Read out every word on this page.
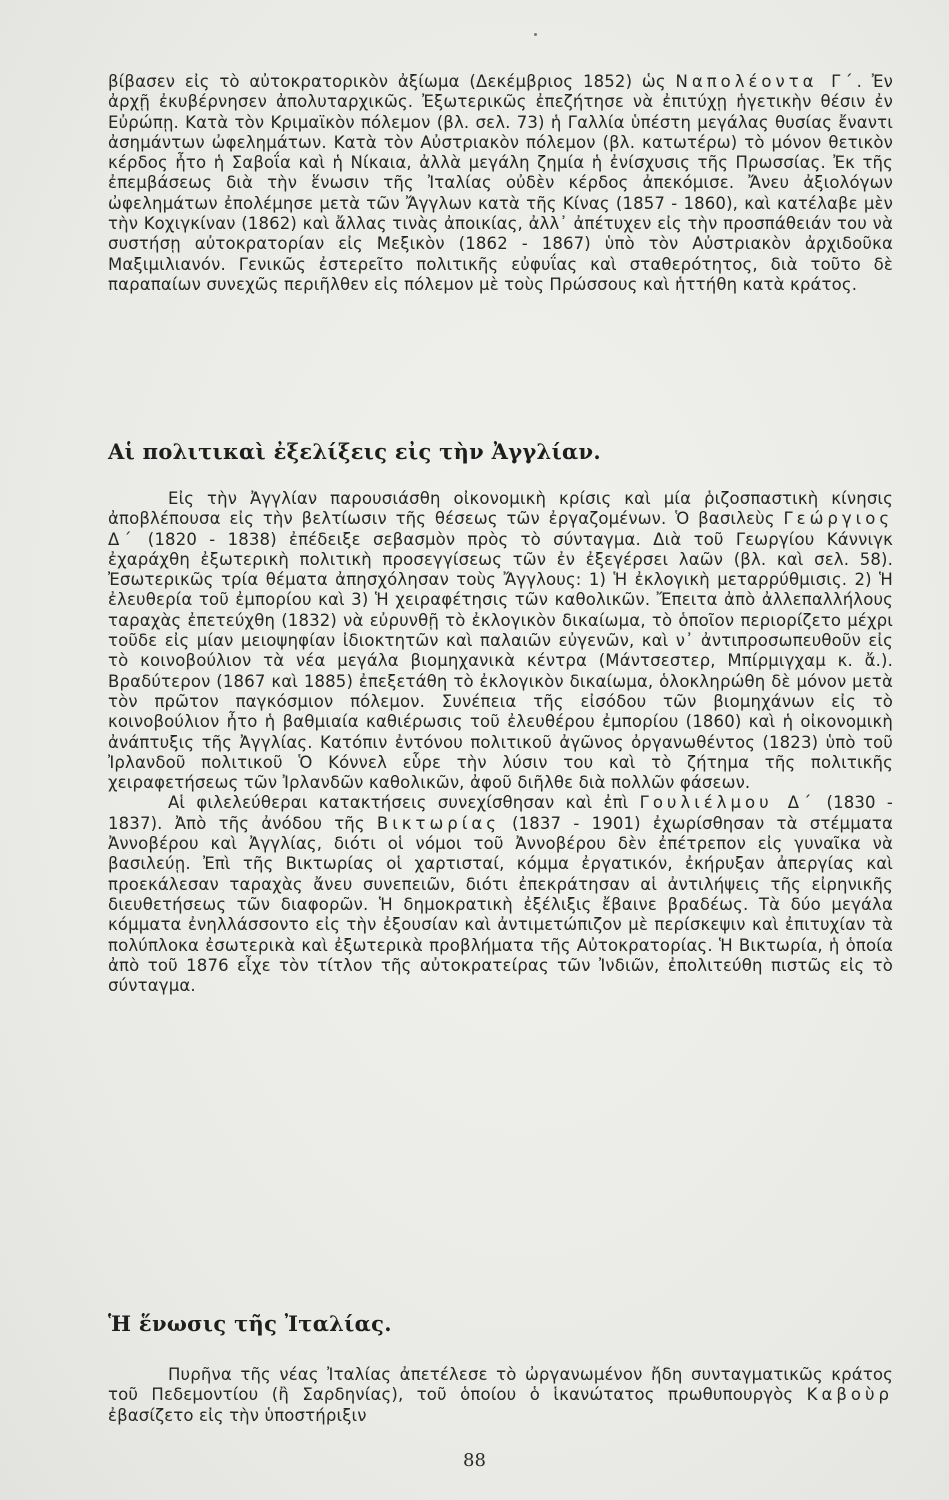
βίβασεν εἰς τὸ αὐτοκρατορικὸν ἀξίωμα (Δεκέμβριος 1852) ὡς Ναπολέοντα Γ΄. Ἐν ἀρχῇ ἐκυβέρνησεν ἀπολυταρχικῶς. Ἐξωτερικῶς ἐπεζήτησε νὰ ἐπιτύχῃ ἡγετικὴν θέσιν ἐν Εὐρώπῃ. Κατὰ τὸν Κριμαϊκὸν πόλεμον (βλ. σελ. 73) ἡ Γαλλία ὑπέστη μεγάλας θυσίας ἔναντι ἀσημάντων ὠφελημάτων. Κατὰ τὸν Αὐστριακὸν πόλεμον (βλ. κατωτέρω) τὸ μόνον θετικὸν κέρδος ἦτο ἡ Σαβοΐα καὶ ἡ Νίκαια, ἀλλὰ μεγάλη ζημία ἡ ἐνίσχυσις τῆς Πρωσσίας. Ἐκ τῆς ἐπεμβάσεως διὰ τὴν ἕνωσιν τῆς Ἰταλίας οὐδὲν κέρδος ἀπεκόμισε. Ἄνευ ἀξιολόγων ὠφελημάτων ἐπολέμησε μετὰ τῶν Ἄγγλων κατὰ τῆς Κίνας (1857 - 1860), καὶ κατέλαβε μὲν τὴν Κοχιγκίναν (1862) καὶ ἄλλας τινὰς ἀποικίας, ἀλλ᾽ ἀπέτυχεν εἰς τὴν προσπάθειάν του νὰ συστήσῃ αὐτοκρατορίαν εἰς Μεξικὸν (1862 - 1867) ὑπὸ τὸν Αὐστριακὸν ἀρχιδοῦκα Μαξιμιλιανόν. Γενικῶς ἐστερεῖτο πολιτικῆς εὐφυΐας καὶ σταθερότητος, διὰ τοῦτο δὲ παραπαίων συνεχῶς περιῆλθεν εἰς πόλεμον μὲ τοὺς Πρώσσους καὶ ἡττήθη κατὰ κράτος.

Αἱ πολιτικαὶ ἐξελίξεις εἰς τὴν Ἀγγλίαν.

Εἰς τὴν Ἀγγλίαν παρουσιάσθη οἰκονομικὴ κρίσις καὶ μία ῥιζοσπαστικὴ κίνησις ἀποβλέπουσα εἰς τὴν βελτίωσιν τῆς θέσεως τῶν ἐργαζομένων. Ὁ βασιλεὺς Γεώργιος Δ΄ (1820 - 1838) ἐπέδειξε σεβασμὸν πρὸς τὸ σύνταγμα. Διὰ τοῦ Γεωργίου Κάννιγκ ἐχαράχθη ἐξωτερικὴ πολιτικὴ προσεγγίσεως τῶν ἐν ἐξεγέρσει λαῶν (βλ. καὶ σελ. 58). Ἐσωτερικῶς τρία θέματα ἀπησχόλησαν τοὺς Ἄγγλους: 1) Ἡ ἐκλογικὴ μεταρρύθμισις. 2) Ἡ ἐλευθερία τοῦ ἐμπορίου καὶ 3) Ἡ χειραφέτησις τῶν καθολικῶν. Ἔπειτα ἀπὸ ἀλλεπαλλήλους ταραχὰς ἐπετεύχθη (1832) νὰ εὐρυνθῇ τὸ ἐκλογικὸν δικαίωμα, τὸ ὁποῖον περιορίζετο μέχρι τοῦδε εἰς μίαν μειοψηφίαν ἰδιοκτητῶν καὶ παλαιῶν εὐγενῶν, καὶ ν᾽ ἀντιπροσωπευθοῦν εἰς τὸ κοινοβούλιον τὰ νέα μεγάλα βιομηχανικὰ κέντρα (Μάντσεστερ, Μπίρμιγχαμ κ. ἄ.). Βραδύτερον (1867 καὶ 1885) ἐπεξετάθη τὸ ἐκλογικὸν δικαίωμα, ὁλοκληρώθη δὲ μόνον μετὰ τὸν πρῶτον παγκόσμιον πόλεμον. Συνέπεια τῆς εἰσόδου τῶν βιομηχάνων εἰς τὸ κοινοβούλιον ἦτο ἡ βαθμιαία καθιέρωσις τοῦ ἐλευθέρου ἐμπορίου (1860) καὶ ἡ οἰκονομικὴ ἀνάπτυξις τῆς Ἀγγλίας. Κατόπιν ἐντόνου πολιτικοῦ ἀγῶνος ὀργανωθέντος (1823) ὑπὸ τοῦ Ἰρλανδοῦ πολιτικοῦ Ὁ Κόννελ εὗρε τὴν λύσιν του καὶ τὸ ζήτημα τῆς πολιτικῆς χειραφετήσεως τῶν Ἰρλανδῶν καθολικῶν, ἀφοῦ διῆλθε διὰ πολλῶν φάσεων.

Αἱ φιλελεύθεραι κατακτήσεις συνεχίσθησαν καὶ ἐπὶ Γουλιέλμου Δ΄ (1830 - 1837). Ἀπὸ τῆς ἀνόδου τῆς Βικτωρίας (1837 - 1901) ἐχωρίσθησαν τὰ στέμματα Ἀννοβέρου καὶ Ἀγγλίας, διότι οἱ νόμοι τοῦ Ἀννοβέρου δὲν ἐπέτρεπον εἰς γυναῖκα νὰ βασιλεύῃ. Ἐπὶ τῆς Βικτωρίας οἱ χαρτισταί, κόμμα ἐργατικόν, ἐκήρυξαν ἀπεργίας καὶ προεκάλεσαν ταραχὰς ἄνευ συνεπειῶν, διότι ἐπεκράτησαν αἱ ἀντιλήψεις τῆς εἰρηνικῆς διευθετήσεως τῶν διαφορῶν. Ἡ δημοκρατικὴ ἐξέλιξις ἔβαινε βραδέως. Τὰ δύο μεγάλα κόμματα ἐνηλλάσσοντο εἰς τὴν ἐξουσίαν καὶ ἀντιμετώπιζον μὲ περίσκεψιν καὶ ἐπιτυχίαν τὰ πολύπλοκα ἐσωτερικὰ καὶ ἐξωτερικὰ προβλήματα τῆς Αὐτοκρατορίας. Ἡ Βικτωρία, ἡ ὁποία ἀπὸ τοῦ 1876 εἶχε τὸν τίτλον τῆς αὐτοκρατείρας τῶν Ἰνδιῶν, ἐπολιτεύθη πιστῶς εἰς τὸ σύνταγμα.

Ἡ ἕνωσις τῆς Ἰταλίας.

Πυρῆνα τῆς νέας Ἰταλίας ἀπετέλεσε τὸ ὠργανωμένον ἤδη συνταγματικῶς κράτος τοῦ Πεδεμοντίου (ἢ Σαρδηνίας), τοῦ ὁποίου ὁ ἱκανώτατος πρωθυπουργὸς Καβοὺρ ἐβασίζετο εἰς τὴν ὑποστήριξιν

88
